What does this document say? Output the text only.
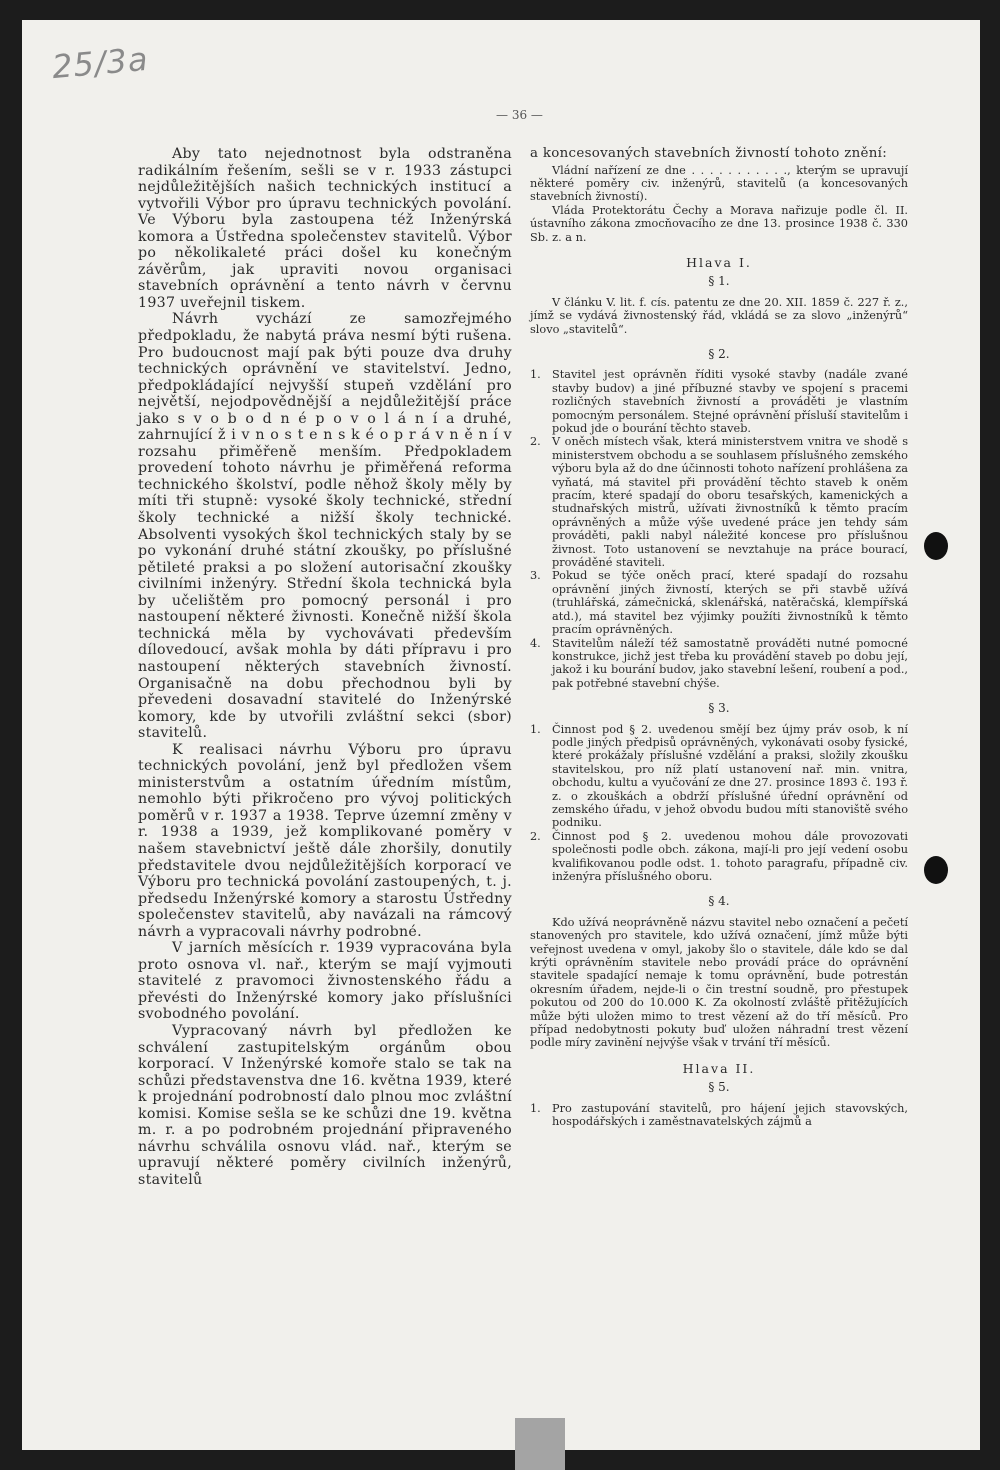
25/3a
— 36 —

Aby tato nejednotnost byla odstraněna radikálním řešením, sešli se v r. 1933 zástupci nejdůležitějších našich technických institucí a vytvořili Výbor pro úpravu technických povolání. Ve Výboru byla zastoupena též Inženýrská komora a Ústředna společenstev stavitelů. Výbor po několikaleté práci došel ku konečným závěrům, jak upraviti novou organisaci stavebních oprávnění a tento návrh v červnu 1937 uveřejnil tiskem.

Návrh vychází ze samozřejmého předpokladu, že nabytá práva nesmí býti rušena. Pro budoucnost mají pak býti pouze dva druhy technických oprávnění ve stavitelství. Jedno, předpokládající nejvyšší stupeň vzdělání pro největší, nejodpovědnější a nejdůležitější práce jako s v o b o d n é p o v o l á n í a druhé, zahrnující ž i v n o s t e n s k é o p r á v n ě n í v rozsahu přiměřeně menším. Předpokladem provedení tohoto návrhu je přiměřená reforma technického školství, podle něhož školy měly by míti tři stupně: vysoké školy technické, střední školy technické a nižší školy technické. Absolventi vysokých škol technických staly by se po vykonání druhé státní zkoušky, po příslušné pětileté praksi a po složení autorisační zkoušky civilními inženýry. Střední škola technická byla by učelištěm pro pomocný personál i pro nastoupení některé živnosti. Konečně nižší škola technická měla by vychovávati především dílovedoucí, avšak mohla by dáti přípravu i pro nastoupení některých stavebních živností. Organisačně na dobu přechodnou byli by převedeni dosavadní stavitelé do Inženýrské komory, kde by utvořili zvláštní sekci (sbor) stavitelů.

K realisaci návrhu Výboru pro úpravu technických povolání, jenž byl předložen všem ministerstvům a ostatním úředním místům, nemohlo býti přikročeno pro vývoj politických poměrů v r. 1937 a 1938. Teprve územní změny v r. 1938 a 1939, jež komplikované poměry v našem stavebnictví ještě dále zhoršily, donutily představitele dvou nejdůležitějších korporací ve Výboru pro technická povolání zastoupených, t. j. předsedu Inženýrské komory a starostu Ústředny společenstev stavitelů, aby navázali na rámcový návrh a vypracovali návrhy podrobné.

V jarních měsících r. 1939 vypracována byla proto osnova vl. nař., kterým se mají vyjmouti stavitelé z pravomoci živnostenského řádu a převésti do Inženýrské komory jako příslušníci svobodného povolání.

Vypracovaný návrh byl předložen ke schválení zastupitelským orgánům obou korporací. V Inženýrské komoře stalo se tak na schůzi představenstva dne 16. května 1939, které k projednání podrobností dalo plnou moc zvláštní komisi. Komise sešla se ke schůzi dne 19. května m. r. a po podrobném projednání připraveného návrhu schválila osnovu vlád. nař., kterým se upravují některé poměry civilních inženýrů, stavitelů

a koncesovaných stavebních živností tohoto znění:

Vládní nařízení ze dne . . . . . . . . . . ., kterým se upravují některé poměry civ. inženýrů, stavitelů (a koncesovaných stavebních živností).

Vláda Protektorátu Čechy a Morava nařizuje podle čl. II. ústavního zákona zmocňovacího ze dne 13. prosince 1938 č. 330 Sb. z. a n.

Hlava I.

§ 1.

V článku V. lit. f. cís. patentu ze dne 20. XII. 1859 č. 227 ř. z., jímž se vydává živnostenský řád, vkládá se za slovo „inženýrů“ slovo „stavitelů“.

§ 2.

1. Stavitel jest oprávněn říditi vysoké stavby (nadále zvané stavby budov) a jiné příbuzné stavby ve spojení s pracemi rozličných stavebních živností a prováděti je vlastním pomocným personálem. Stejné oprávnění přísluší stavitelům i pokud jde o bourání těchto staveb.
2. V oněch místech však, která ministerstvem vnitra ve shodě s ministerstvem obchodu a se souhlasem příslušného zemského výboru byla až do dne účinnosti tohoto nařízení prohlášena za vyňatá, má stavitel při provádění těchto staveb k oněm pracím, které spadají do oboru tesařských, kamenických a studnařských mistrů, užívati živnostníků k těmto pracím oprávněných a může výše uvedené práce jen tehdy sám prováděti, pakli nabyl náležité koncese pro příslušnou živnost. Toto ustanovení se nevztahuje na práce bourací, prováděné staviteli.
3. Pokud se týče oněch prací, které spadají do rozsahu oprávnění jiných živností, kterých se při stavbě užívá (truhlářská, zámečnická, sklenářská, natěračská, klempířská atd.), má stavitel bez výjimky použíti živnostníků k těmto pracím oprávněných.
4. Stavitelům náleží též samostatně prováděti nutné pomocné konstrukce, jichž jest třeba ku provádění staveb po dobu její, jakož i ku bourání budov, jako stavební lešení, roubení a pod., pak potřebné stavební chýše.

§ 3.

1. Činnost pod § 2. uvedenou smějí bez újmy práv osob, k ní podle jiných předpisů oprávněných, vykonávati osoby fysické, které prokážaly příslušné vzdělání a praksi, složily zkoušku stavitelskou, pro níž platí ustanovení nař. min. vnitra, obchodu, kultu a vyučování ze dne 27. prosince 1893 č. 193 ř. z. o zkouškách a obdrží příslušné úřední oprávnění od zemského úřadu, v jehož obvodu budou míti stanoviště svého podniku.
2. Činnost pod § 2. uvedenou mohou dále provozovati společnosti podle obch. zákona, mají-li pro její vedení osobu kvalifikovanou podle odst. 1. tohoto paragrafu, případně civ. inženýra příslušného oboru.

§ 4.

Kdo užívá neoprávněně názvu stavitel nebo označení a pečetí stanovených pro stavitele, kdo užívá označení, jímž může býti veřejnost uvedena v omyl, jakoby šlo o stavitele, dále kdo se dal krýti oprávněním stavitele nebo provádí práce do oprávnění stavitele spadající nemaje k tomu oprávnění, bude potrestán okresním úřadem, nejde-li o čin trestní soudně, pro přestupek pokutou od 200 do 10.000 K. Za okolností zvláště přitěžujících může býti uložen mimo to trest vězení až do tří měsíců. Pro případ nedobytnosti pokuty buď uložen náhradní trest vězení podle míry zavinění nejvýše však v trvání tří měsíců.

Hlava II.

§ 5.

1. Pro zastupování stavitelů, pro hájení jejich stavovských, hospodářských i zaměstnavatelských zájmů a
